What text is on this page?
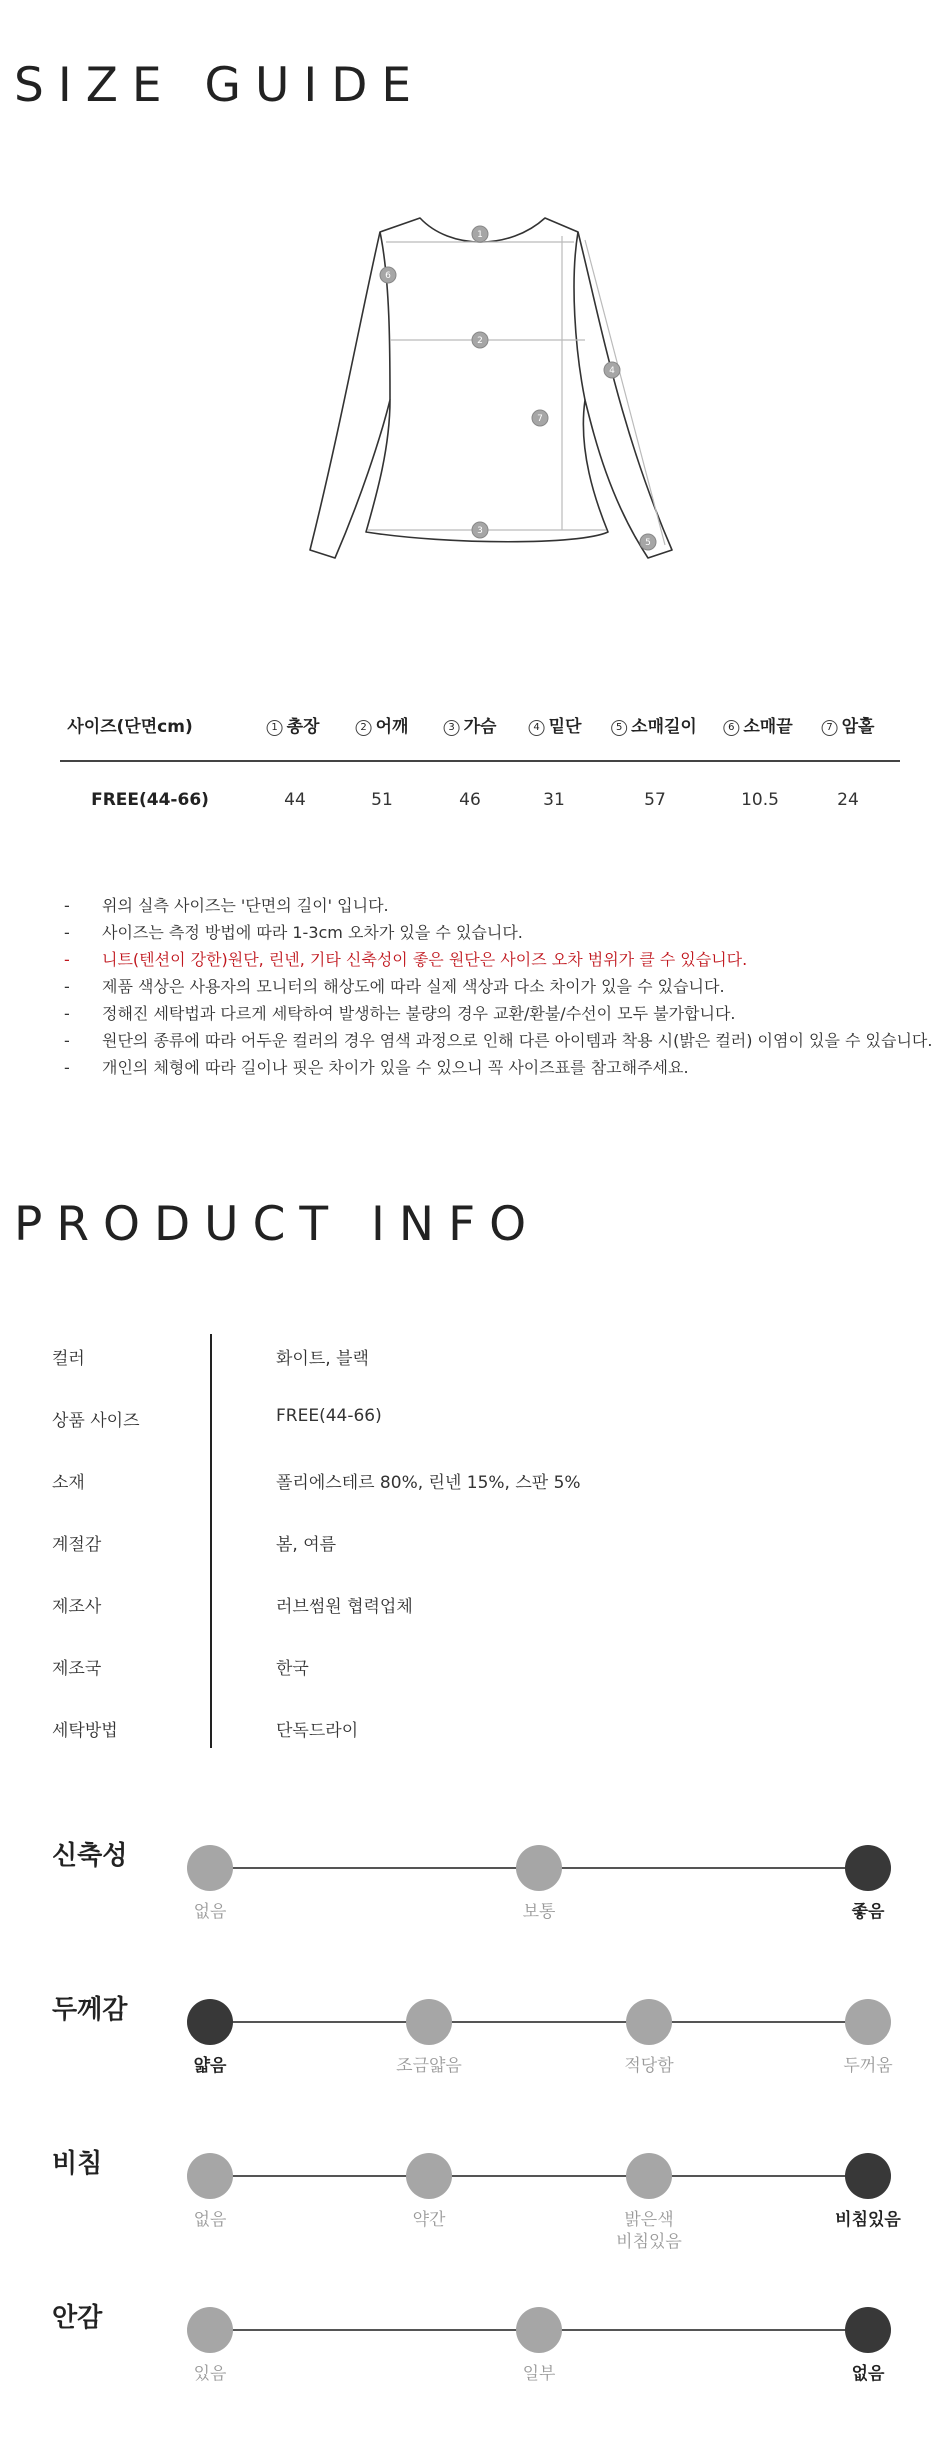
SIZE GUIDE
1
2
3
4
5
6
7
사이즈(단면cm)	1 총장	2 어깨	3 가슴	4 밑단	5 소매길이	6 소매끝	7 암홀
FREE(44-66)	44	51	46	31	57	10.5	24
- 위의 실측 사이즈는 '단면의 길이' 입니다.
- 사이즈는 측정 방법에 따라 1-3cm 오차가 있을 수 있습니다.
- 니트(텐션이 강한)원단, 린넨, 기타 신축성이 좋은 원단은 사이즈 오차 범위가 클 수 있습니다.
- 제품 색상은 사용자의 모니터의 해상도에 따라 실제 색상과 다소 차이가 있을 수 있습니다.
- 정해진 세탁법과 다르게 세탁하여 발생하는 불량의 경우 교환/환불/수선이 모두 불가합니다.
- 원단의 종류에 따라 어두운 컬러의 경우 염색 과정으로 인해 다른 아이템과 착용 시(밝은 컬러) 이염이 있을 수 있습니다.
- 개인의 체형에 따라 길이나 핏은 차이가 있을 수 있으니 꼭 사이즈표를 참고해주세요.
PRODUCT INFO
컬러	화이트, 블랙
상품 사이즈	FREE(44-66)
소재	폴리에스테르 80%, 린넨 15%, 스판 5%
계절감	봄, 여름
제조사	러브썸원 협력업체
제조국	한국
세탁방법	단독드라이
신축성
없음	보통	좋음
두께감
얇음	조금얇음	적당함	두꺼움
비침
없음	약간	밝은색
비침있음
비침있음
안감
있음	일부	없음
